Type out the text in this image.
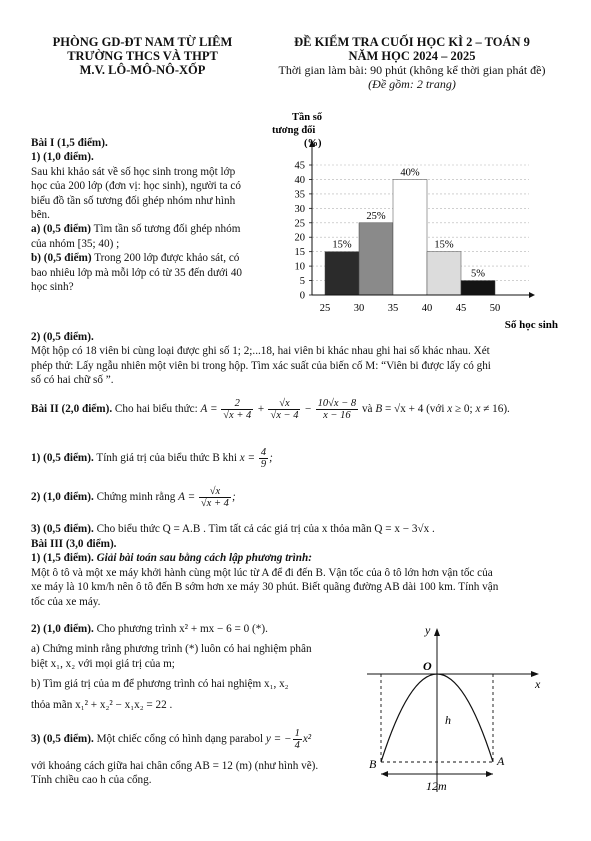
PHÒNG GD-ĐT NAM TỪ LIÊM
TRƯỜNG THCS VÀ THPT
M.V. LÔ-MÔ-NÔ-XỐP
ĐỀ KIỂM TRA CUỐI HỌC KÌ 2 – TOÁN 9
NĂM HỌC 2024 – 2025
Thời gian làm bài: 90 phút (không kể thời gian phát đề)
(Đề gồm: 2 trang)
Bài I (1,5 điểm).
1) (1,0 điểm).
Sau khi khảo sát về số học sinh trong một lớp
học của 200 lớp (đơn vị: học sinh), người ta có
biểu đồ tần số tương đối ghép nhóm như hình
bên.
a) (0,5 điểm) Tìm tần số tương đối ghép nhóm
của nhóm [35; 40) ;
b) (0,5 điểm) Trong 200 lớp được khảo sát, có
bao nhiêu lớp mà mỗi lớp có từ 35 đến dưới 40
học sinh?
15%
25%
40%
15%
5%
0
5
10
15
20
25
30
35
40
45
25 30 35 40 45 50
Tần số
tương đối
(%)
Số học sinh
2) (0,5 điểm).
Một hộp có 18 viên bi cùng loại được ghi số 1; 2;...18, hai viên bi khác nhau ghi hai số khác nhau. Xét
phép thử: Lấy ngẫu nhiên một viên bi trong hộp. Tìm xác suất của biến cố M: “Viên bi được lấy có ghi
số có hai chữ số ”.
Bài II (2,0 điểm). Cho hai biểu thức: $A = \frac{2}{√x + 4} + \frac{√x}{√x - 4} - \frac{10√x - 8}{x - 16}$ và B = √x + 4 (với x ≥ 0; x ≠ 16).
1) (0,5 điểm). Tính giá trị của biểu thức B khi $x = \frac{4}{9}$ ;
2) (1,0 điểm). Chứng minh rằng $A = \frac{√x}{√x + 4}$ ;
3) (0,5 điểm). Cho biểu thức Q = A.B . Tìm tất cả các giá trị của x thỏa mãn Q = x − 3√x .
Bài III (3,0 điểm).
1) (1,5 điểm). Giải bài toán sau bằng cách lập phương trình:
Một ô tô và một xe máy khởi hành cùng một lúc từ A để đi đến B. Vận tốc của ô tô lớn hơn vận tốc của
xe máy là 10 km/h nên ô tô đến B sớm hơn xe máy 30 phút. Biết quãng đường AB dài 100 km. Tính vận
tốc của xe máy.
2) (1,0 điểm). Cho phương trình x² + mx − 6 = 0 (*).
a) Chứng minh rằng phương trình (*) luôn có hai nghiệm phân
biệt x₁, x₂ với mọi giá trị của m;
b) Tìm giá trị của m để phương trình có hai nghiệm x₁, x₂
thỏa mãn x₁² + x₂² − x₁x₂ = 22 .
3) (0,5 điểm). Một chiếc cổng có hình dạng parabol y = − $\frac{1}{4} x^2$
với khoảng cách giữa hai chân cổng AB = 12 (m) (như hình vẽ).
Tính chiều cao h của cổng.
y
x
O
h
B	A
12m
